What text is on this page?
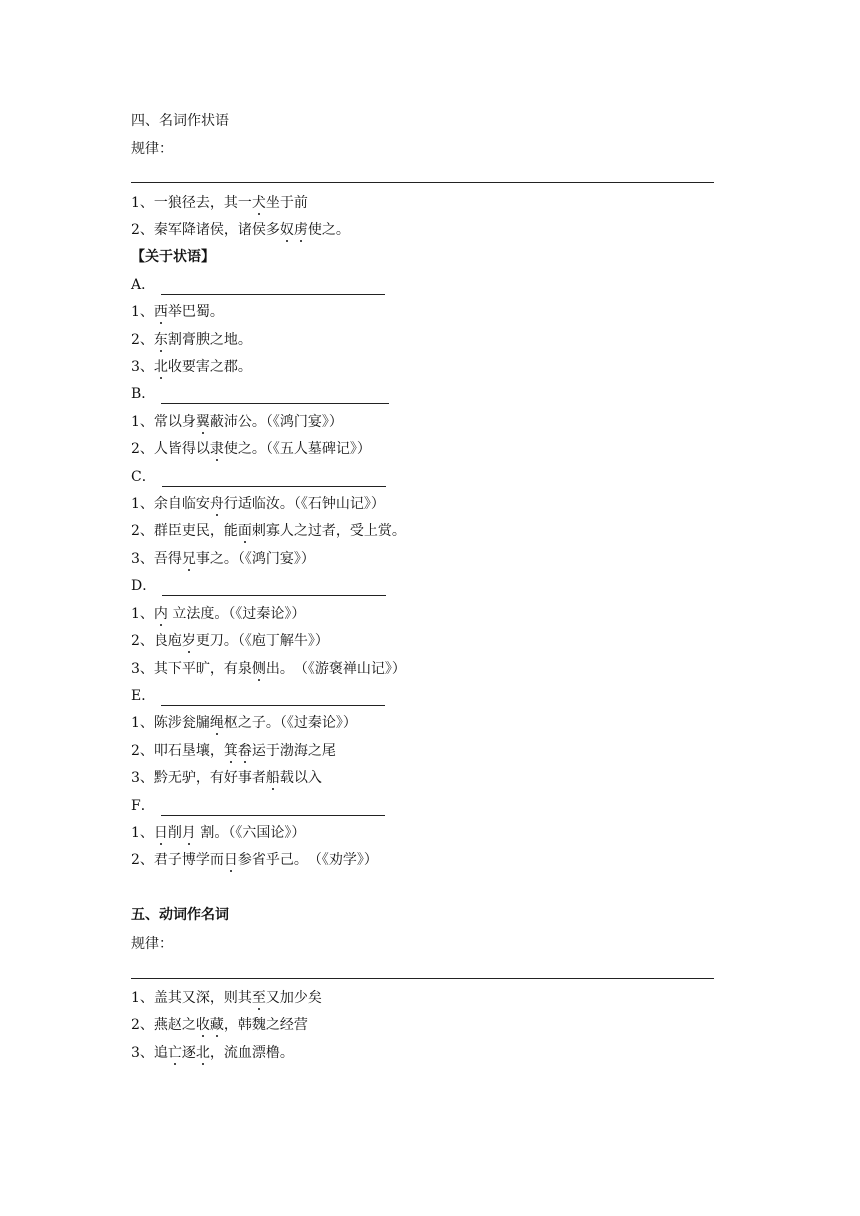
四、名词作状语
规律：
1、一狼径去，其一犬坐于前
2、秦军降诸侯，诸侯多奴虏使之。
【关于状语】
A．
1、西举巴蜀。
2、东割膏腴之地。
3、北收要害之郡。
B．
1、常以身翼蔽沛公。（《鸿门宴》）
2、人皆得以隶使之。（《五人墓碑记》）
C．
1、余自临安舟行适临汝。（《石钟山记》）
2、群臣吏民，能面刺寡人之过者，受上赏。
3、吾得兄事之。（《鸿门宴》）
D．
1、内 立法度。（《过秦论》）
2、良庖岁更刀。（《庖丁解牛》）
3、其下平旷，有泉侧出。　（《游褒禅山记》）
E．
1、陈涉瓮牖绳枢之子。（《过秦论》）
2、叩石垦壤，箕畚运于渤海之尾
3、黔无驴，有好事者船载以入
F．
1、日削月 割。（《六国论》）
2、君子博学而日参省乎己。　（《劝学》）
五、动词作名词
规律：
1、盖其又深，则其至又加少矣
2、燕赵之收藏，韩魏之经营
3、追亡逐北，流血漂橹。
